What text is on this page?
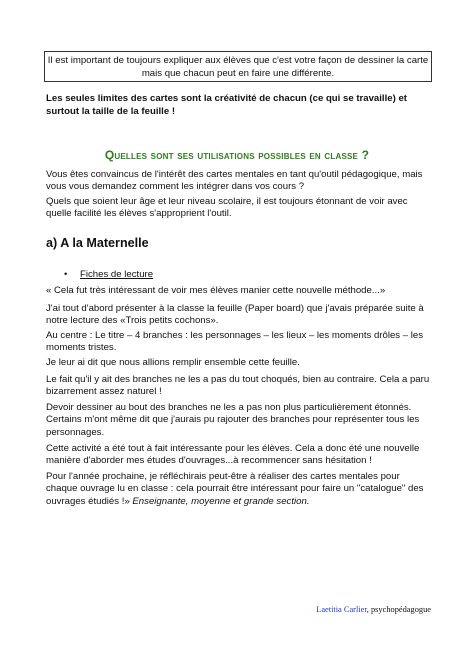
Il est important de toujours expliquer aux élèves que c'est votre façon de dessiner la carte
mais que chacun peut en faire une différente.
Les seules limites des cartes sont la créativité de chacun (ce qui se travaille) et
surtout la taille de la feuille !
Quelles sont ses utilisations possibles en classe ?
Vous êtes convaincus de l'intérêt des cartes mentales en tant qu'outil pédagogique, mais
vous vous demandez comment les intégrer dans vos cours ?
Quels que soient leur âge et leur niveau scolaire, il est toujours étonnant de voir avec
quelle facilité les élèves s'approprient l'outil.
a) A la Maternelle
• Fiches de lecture
« Cela fut très intéressant de voir mes élèves manier cette nouvelle méthode...»
J'ai tout d'abord présenter à la classe la feuille (Paper board) que j'avais préparée suite à
notre lecture des «Trois petits cochons».
Au centre : Le titre – 4 branches : les personnages – les lieux – les moments drôles – les
moments tristes.
Je leur ai dit que nous allions remplir ensemble cette feuille.
Le fait qu'il y ait des branches ne les a pas du tout choqués, bien au contraire. Cela a paru
bizarrement assez naturel !
Devoir dessiner au bout des branches ne les a pas non plus particulièrement étonnés.
Certains m'ont même dit que j'aurais pu rajouter des branches pour représenter tous les
personnages.
Cette activité a été tout à fait intéressante pour les élèves. Cela a donc été une nouvelle
manière d'aborder mes études d'ouvrages...à recommencer sans hésitation !
Pour l'année prochaine, je réfléchirais peut-être à réaliser des cartes mentales pour
chaque ouvrage lu en classe : cela pourrait être intéressant pour faire un "catalogue" des
ouvrages étudiés !» Enseignante, moyenne et grande section.
Laetitia Carlier, psychopédagogue
